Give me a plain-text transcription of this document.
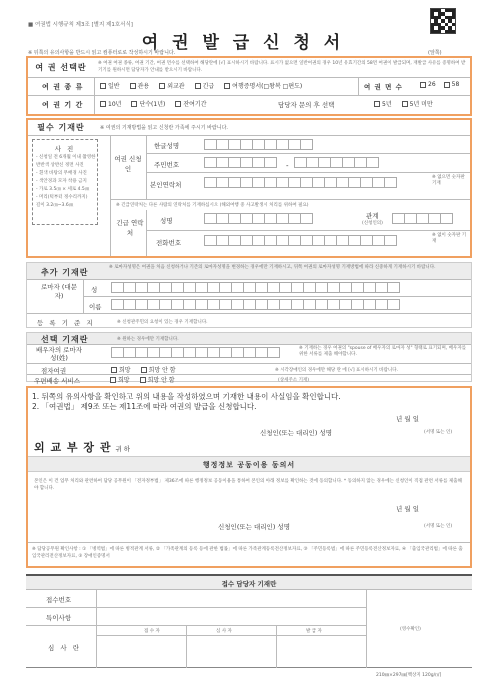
■ 여권법 시행규칙 제3조 [별지 제1호서식]
여 권 발 급 신 청 서
※ 뒤쪽의 유의사항을 반드시 읽고 컴퓨터로로 작성하시기 바랍니다.	(앞쪽)
여 권 선택란	※ 여권 여권 종류, 여권 기간, 여권 면수를 선택하여 해당란에 [√] 표시하시기 바랍니다. 표시가 없으면 일반여권의 경우 10년 유효기간의 58면 여권이 발급되며, 재발급 사유를 증명하여 받기기를 원하시면 담당자가 안내를 받으시기 바랍니다.
여 권 종 류	일반	관용	외교관	긴급	여행증명서(□왕복 □편도)	여 권 면 수	26	58
여 권 기 간	10년	단수(1년)	잔여기간	담당자 문의 후 선택	5년	5년 미만
필수 기재란	※ 여권의 기재방법을 읽고 신청란 가족에 주시기 바랍니다.
사 진
- 신청일 전 6개월 이내 촬영한
반반색 상반신 정면 사진
- 흰색 바탕의 무배경 사진
- 색안경과 모자 착용 금지
- 가로 3.5㎝ × 세로 4.5㎝
- 머리(턱부터 정수리까지)
길이 3.2㎝~3.6㎝
여권 신청인
한글성명
주민번호	-
본인연락처
※ 없으면 숫자판 기재
※ 긴급연락처는 다른 사람의 연락처를 기재하십시오 (해외여행 중 사고발생시 처리를 위하여 필요)
긴급 연락처
성명
관계
(신청인의)
전화번호
※ 없이 숫자판 기재
추가 기재란
※ 로마자성명은 여권을 처음 신청하거나 기존의 로마자성명을 변경하는 경우에만 기재하시고, 뒤쪽 여권의 로마자성명 기재방법에 따라 신중하게 기재하시기 바랍니다.
로마자 (대문자)
성
이름
등 록 기 준 지	※ 신청관주민의 요청이 있는 경우 기재합니다.
선택 기재란	※ 원하는 경우에만 기재합니다.
배우자의 로마자 성(姓)
※ 기재하는 경우 여권의 "spouse of 배우자의 로마자 성" 형태로 표기되며, 배우자를 위한 서류를 제출 해야합니다.
점자여권	희망	희망 안 함	※ 시각장애인의 경우에만 해당 란 에 [√] 표시하시기 바랍니다.
우편배송 서비스	희망	희망 안 함	(상세주소 기재)
1. 뒤쪽의 유의사항을 확인하고 위의 내용을 작성하였으며 기재한 내용이 사실임을 확인합니다.
2. 「여권법」 제9조 또는 제11조에 따라 여권의 발급을 신청합니다.
년 월 일
신청인(또는 대리인) 성명	(서명 또는 인)
외 교 부 장 관 귀 하
행정정보 공동이용 동의서
본인은 이 건 업무 처리와 관련하여 담당 공무원이 「전자정부법」 제36조에 따른 행정정보 공동이용을 통하여 본인의 아래 정보를 확인하는 것에 동의합니다. * 동의하지 않는 경우에는 신청인이 직접 관련 서류를 제출해야 합니다.
년 월 일
신청인(또는 대리인) 성명	(서명 또는 인)
※ 담당공무원 확인사항 : ① 「병역법」에 따른 병적관계 서류, ② 「가족관계의 등록 등에 관한 법률」에 따른 가족관계등록전산정보자료, ③ 「주민등록법」에 따른 주민등록전산정보자료, ④ 「출입국관리법」에 따른 출입국관리전산정보자료, ⑤ 장애인증명서
접수 담당자 기재란
접수번호
특이사항
심 사 란
접 수 자	심 사 자	발 급 자	(영수확인)
210㎜×297㎜[백상지 120g/㎡]
